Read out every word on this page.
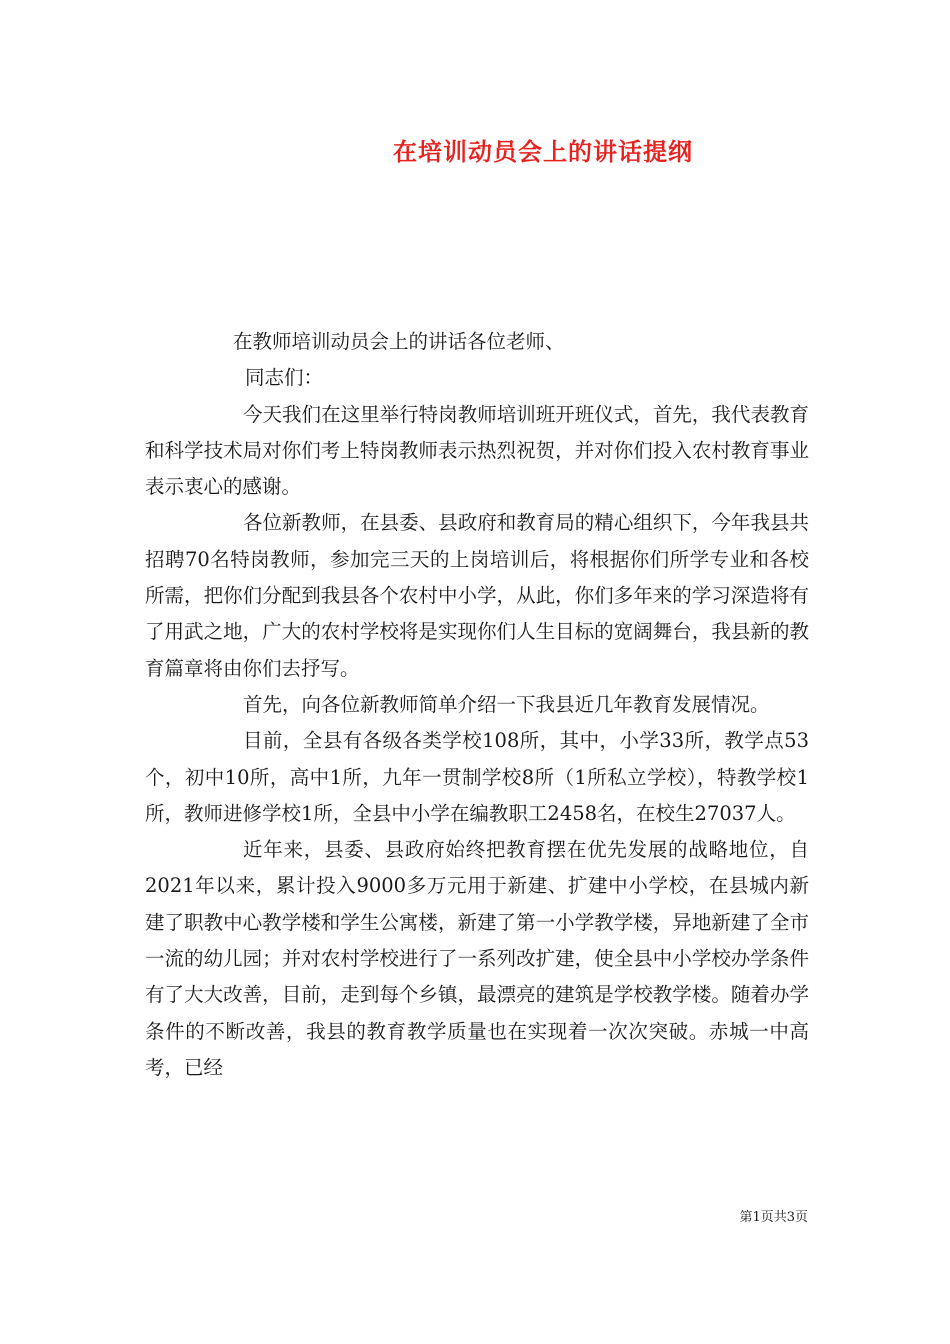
在培训动员会上的讲话提纲

在教师培训动员会上的讲话各位老师、

同志们：

今天我们在这里举行特岗教师培训班开班仪式，首先，我代表教育和科学技术局对你们考上特岗教师表示热烈祝贺，并对你们投入农村教育事业表示衷心的感谢。

各位新教师，在县委、县政府和教育局的精心组织下，今年我县共招聘70名特岗教师，参加完三天的上岗培训后，将根据你们所学专业和各校所需，把你们分配到我县各个农村中小学，从此，你们多年来的学习深造将有了用武之地，广大的农村学校将是实现你们人生目标的宽阔舞台，我县新的教育篇章将由你们去抒写。

首先，向各位新教师简单介绍一下我县近几年教育发展情况。

目前，全县有各级各类学校108所，其中，小学33所，教学点53个，初中10所，高中1所，九年一贯制学校8所（1所私立学校），特教学校1所，教师进修学校1所，全县中小学在编教职工2458名，在校生27037人。

近年来，县委、县政府始终把教育摆在优先发展的战略地位，自2021年以来，累计投入9000多万元用于新建、扩建中小学校，在县城内新建了职教中心教学楼和学生公寓楼，新建了第一小学教学楼，异地新建了全市一流的幼儿园；并对农村学校进行了一系列改扩建，使全县中小学校办学条件有了大大改善，目前，走到每个乡镇，最漂亮的建筑是学校教学楼。随着办学条件的不断改善，我县的教育教学质量也在实现着一次次突破。赤城一中高考，已经

第1页共3页
